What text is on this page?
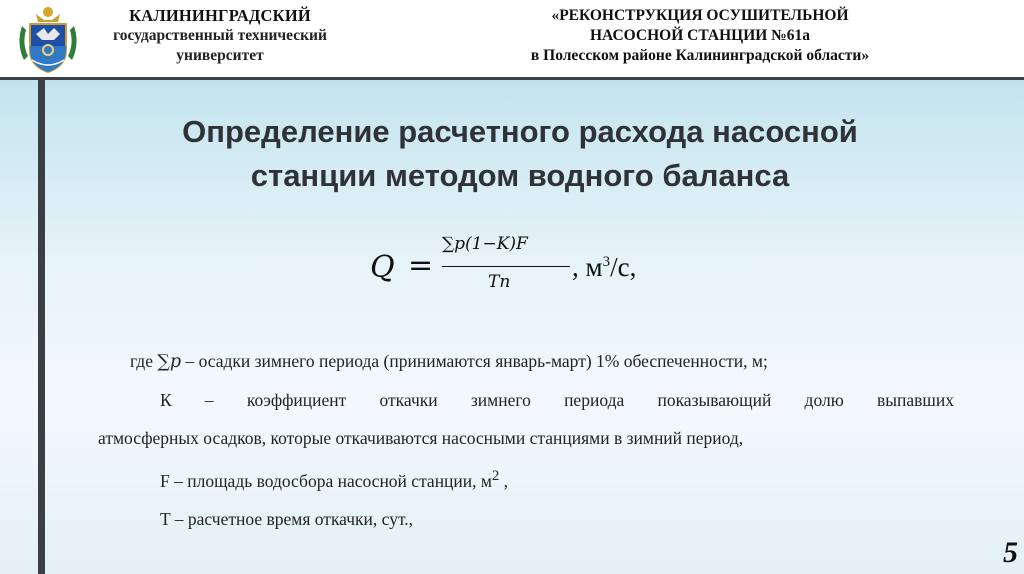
КАЛИНИНГРАДСКИЙ
государственный технический
университет
«РЕКОНСТРУКЦИЯ ОСУШИТЕЛЬНОЙ
НАСОСНОЙ СТАНЦИИ №61а
в Полесском районе Калининградской области»
Определение расчетного расхода насосной
станции методом водного баланса
Q =
∑p(1−K)F
Tn , $м^3/с$,

где ∑p – осадки зимнего периода (принимаются январь-март) 1% обеспеченности, м;

К – коэффициент откачки зимнего периода показывающий долю выпавших

атмосферных осадков, которые откачиваются насосными станциями в зимний период,

F – площадь водосбора насосной станции, $м^2$ ,

T – расчетное время откачки, сут.,

5
